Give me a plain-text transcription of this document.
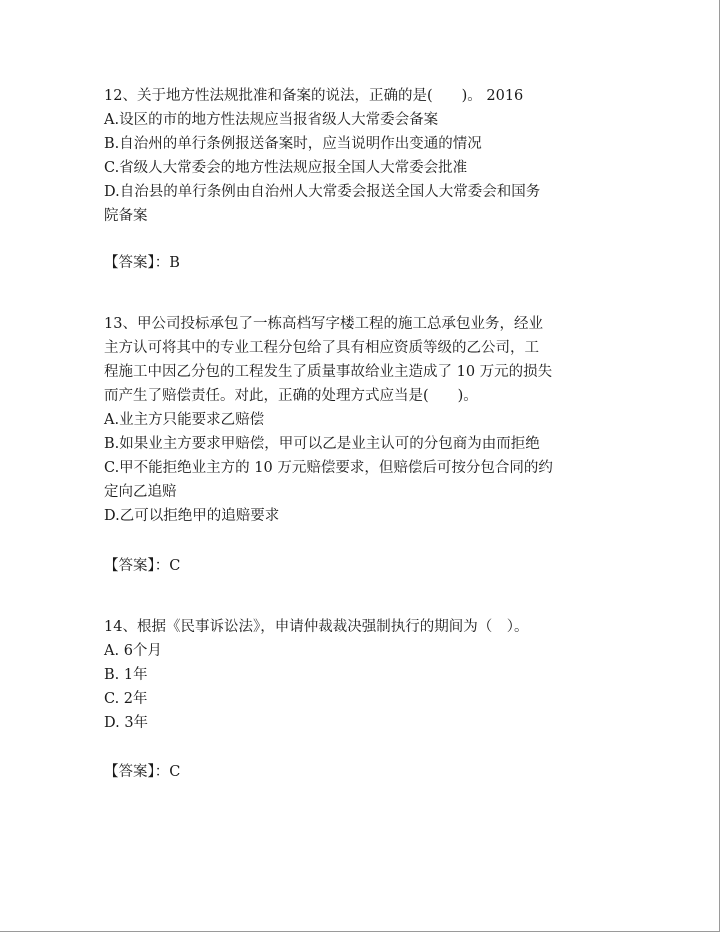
12、关于地方性法规批准和备案的说法，正确的是(　　)。 2016
A.设区的市的地方性法规应当报省级人大常委会备案
B.自治州的单行条例报送备案时，应当说明作出变通的情况
C.省级人大常委会的地方性法规应报全国人大常委会批准
D.自治县的单行条例由自治州人大常委会报送全国人大常委会和国务
院备案
【答案】：B
13、甲公司投标承包了一栋高档写字楼工程的施工总承包业务，经业
主方认可将其中的专业工程分包给了具有相应资质等级的乙公司，工
程施工中因乙分包的工程发生了质量事故给业主造成了 10 万元的损失
而产生了赔偿责任。对此，正确的处理方式应当是(　　)。
A.业主方只能要求乙赔偿
B.如果业主方要求甲赔偿，甲可以乙是业主认可的分包商为由而拒绝
C.甲不能拒绝业主方的 10 万元赔偿要求，但赔偿后可按分包合同的约
定向乙追赔
D.乙可以拒绝甲的追赔要求
【答案】：C
14、根据《民事诉讼法》，申请仲裁裁决强制执行的期间为（　）。
A. 6个月
B. 1年
C. 2年
D. 3年
【答案】：C
